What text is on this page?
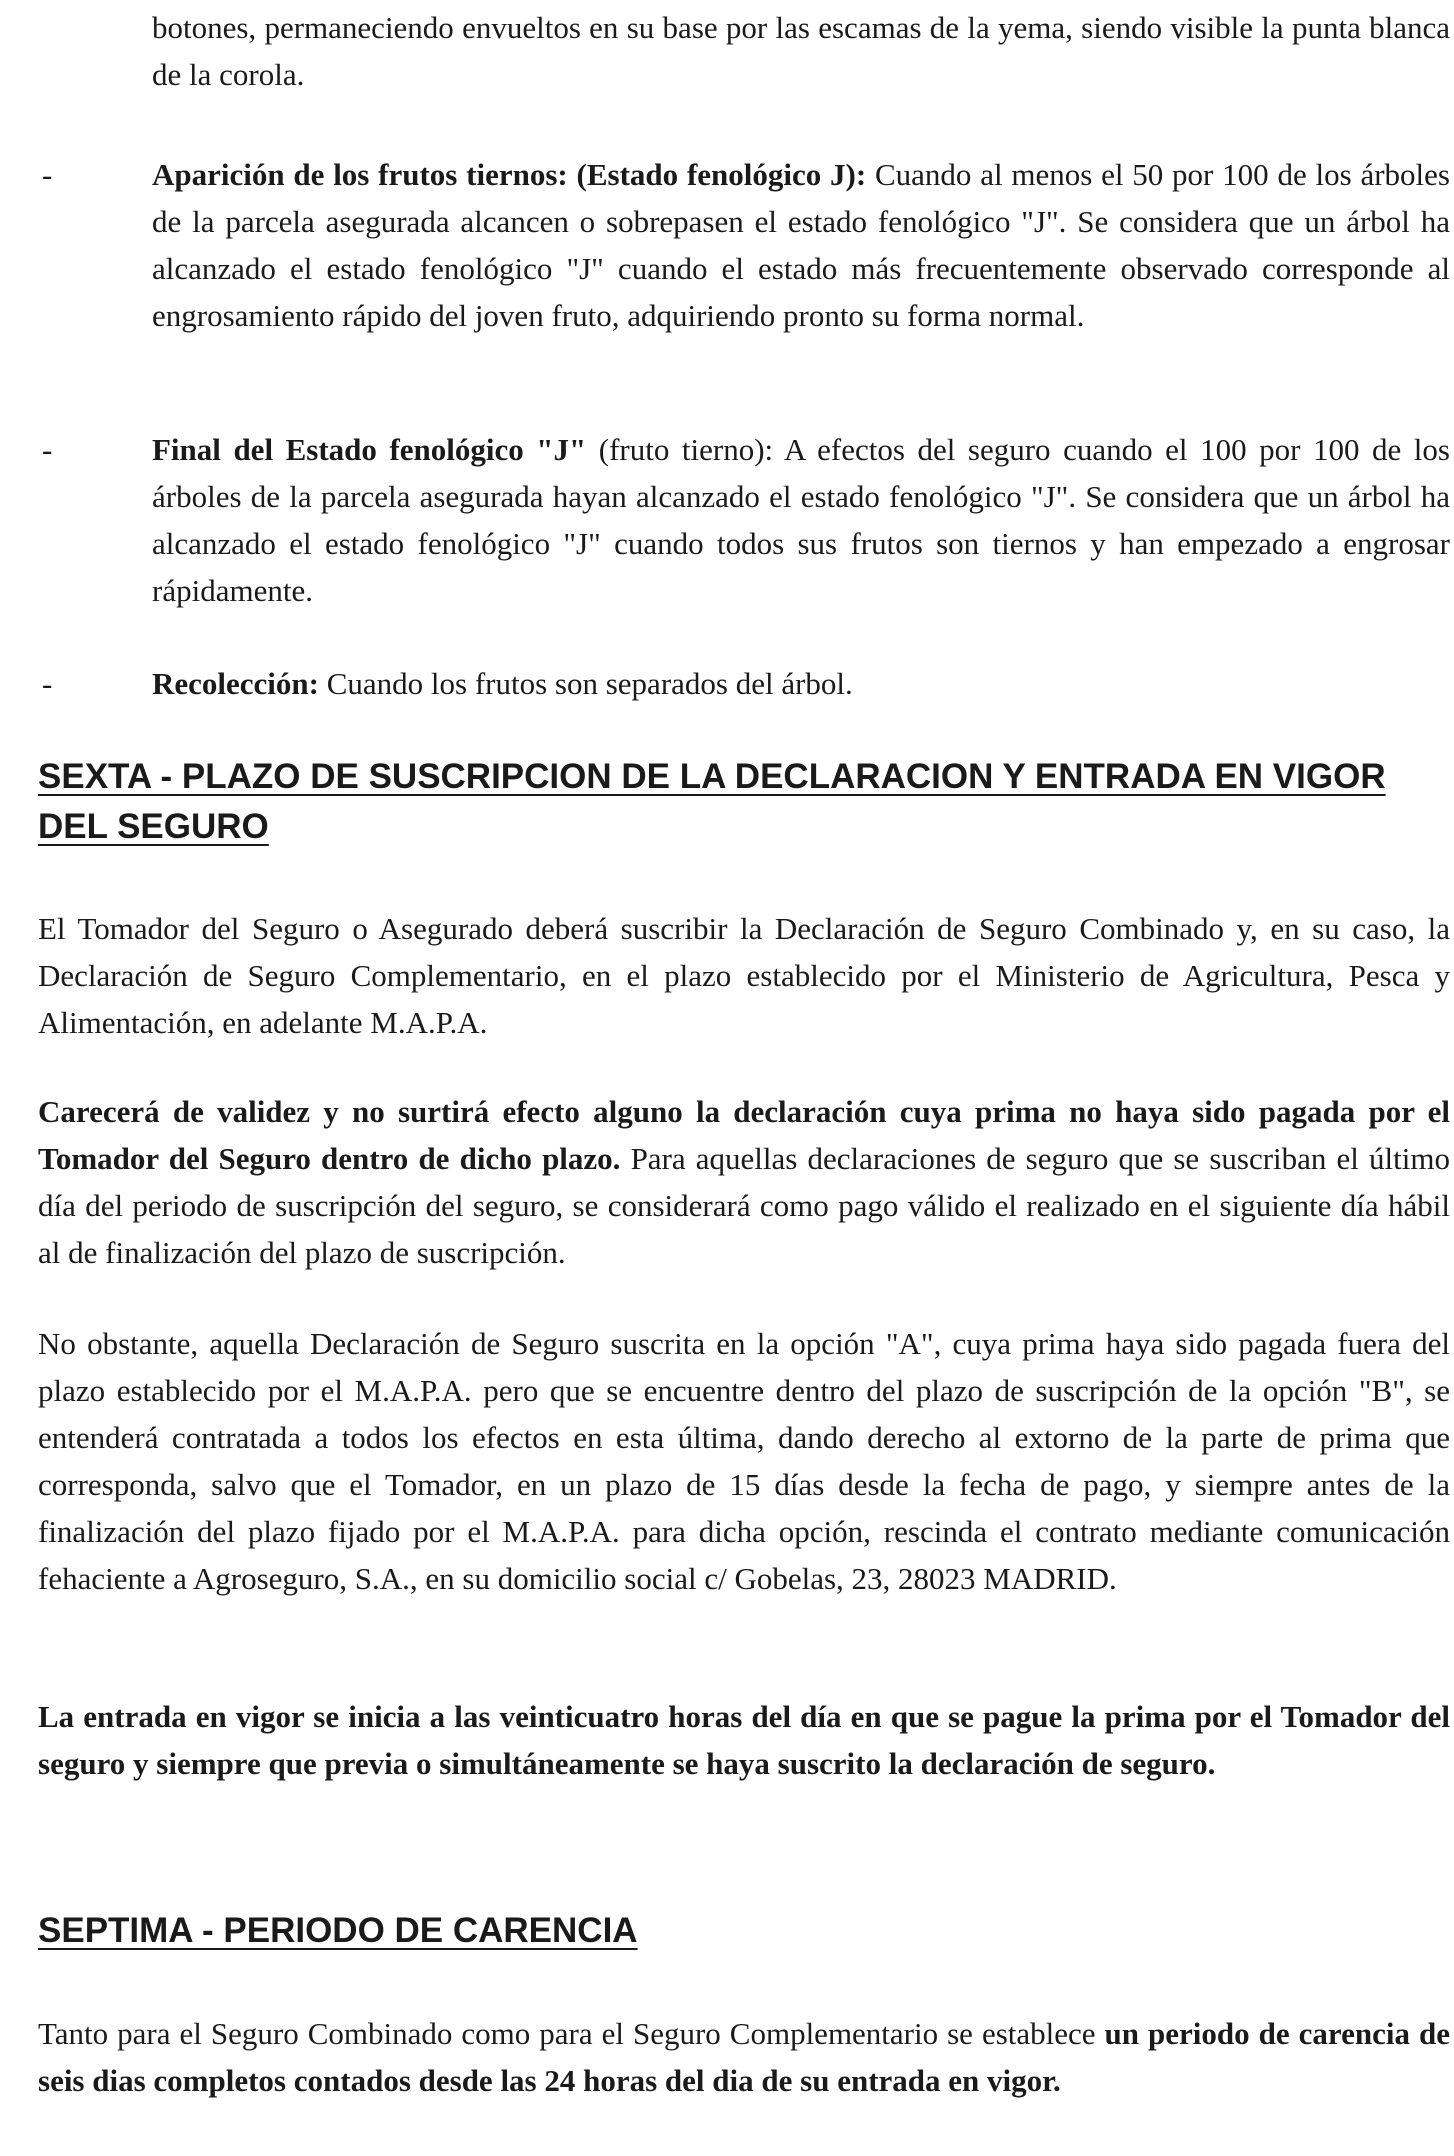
botones, permaneciendo envueltos en su base por las escamas de la yema, siendo visible la punta blanca de la corola.

-	Aparición de los frutos tiernos: (Estado fenológico J): Cuando al menos el 50 por 100 de los árboles de la parcela asegurada alcancen o sobrepasen el estado fenológico "J". Se considera que un árbol ha alcanzado el estado fenológico "J" cuando el estado más frecuentemente observado corresponde al engrosamiento rápido del joven fruto, adquiriendo pronto su forma normal.

-	Final del Estado fenológico "J" (fruto tierno): A efectos del seguro cuando el 100 por 100 de los árboles de la parcela asegurada hayan alcanzado el estado fenológico "J". Se considera que un árbol ha alcanzado el estado fenológico "J" cuando todos sus frutos son tiernos y han empezado a engrosar rápidamente.

-	Recolección: Cuando los frutos son separados del árbol.

SEXTA - PLAZO DE SUSCRIPCION DE LA DECLARACION Y ENTRADA EN VIGOR
DEL SEGURO

El Tomador del Seguro o Asegurado deberá suscribir la Declaración de Seguro Combinado y, en su caso, la Declaración de Seguro Complementario, en el plazo establecido por el Ministerio de Agricultura, Pesca y Alimentación, en adelante M.A.P.A.

Carecerá de validez y no surtirá efecto alguno la declaración cuya prima no haya sido pagada por el Tomador del Seguro dentro de dicho plazo. Para aquellas declaraciones de seguro que se suscriban el último día del periodo de suscripción del seguro, se considerará como pago válido el realizado en el siguiente día hábil al de finalización del plazo de suscripción.

No obstante, aquella Declaración de Seguro suscrita en la opción "A", cuya prima haya sido pagada fuera del plazo establecido por el M.A.P.A. pero que se encuentre dentro del plazo de suscripción de la opción "B", se entenderá contratada a todos los efectos en esta última, dando derecho al extorno de la parte de prima que corresponda, salvo que el Tomador, en un plazo de 15 días desde la fecha de pago, y siempre antes de la finalización del plazo fijado por el M.A.P.A. para dicha opción, rescinda el contrato mediante comunicación fehaciente a Agroseguro, S.A., en su domicilio social c/ Gobelas, 23, 28023 MADRID.

La entrada en vigor se inicia a las veinticuatro horas del día en que se pague la prima por el Tomador del seguro y siempre que previa o simultáneamente se haya suscrito la declaración de seguro.

SEPTIMA - PERIODO DE CARENCIA

Tanto para el Seguro Combinado como para el Seguro Complementario se establece un periodo de carencia de seis dias completos contados desde las 24 horas del dia de su entrada en vigor.
